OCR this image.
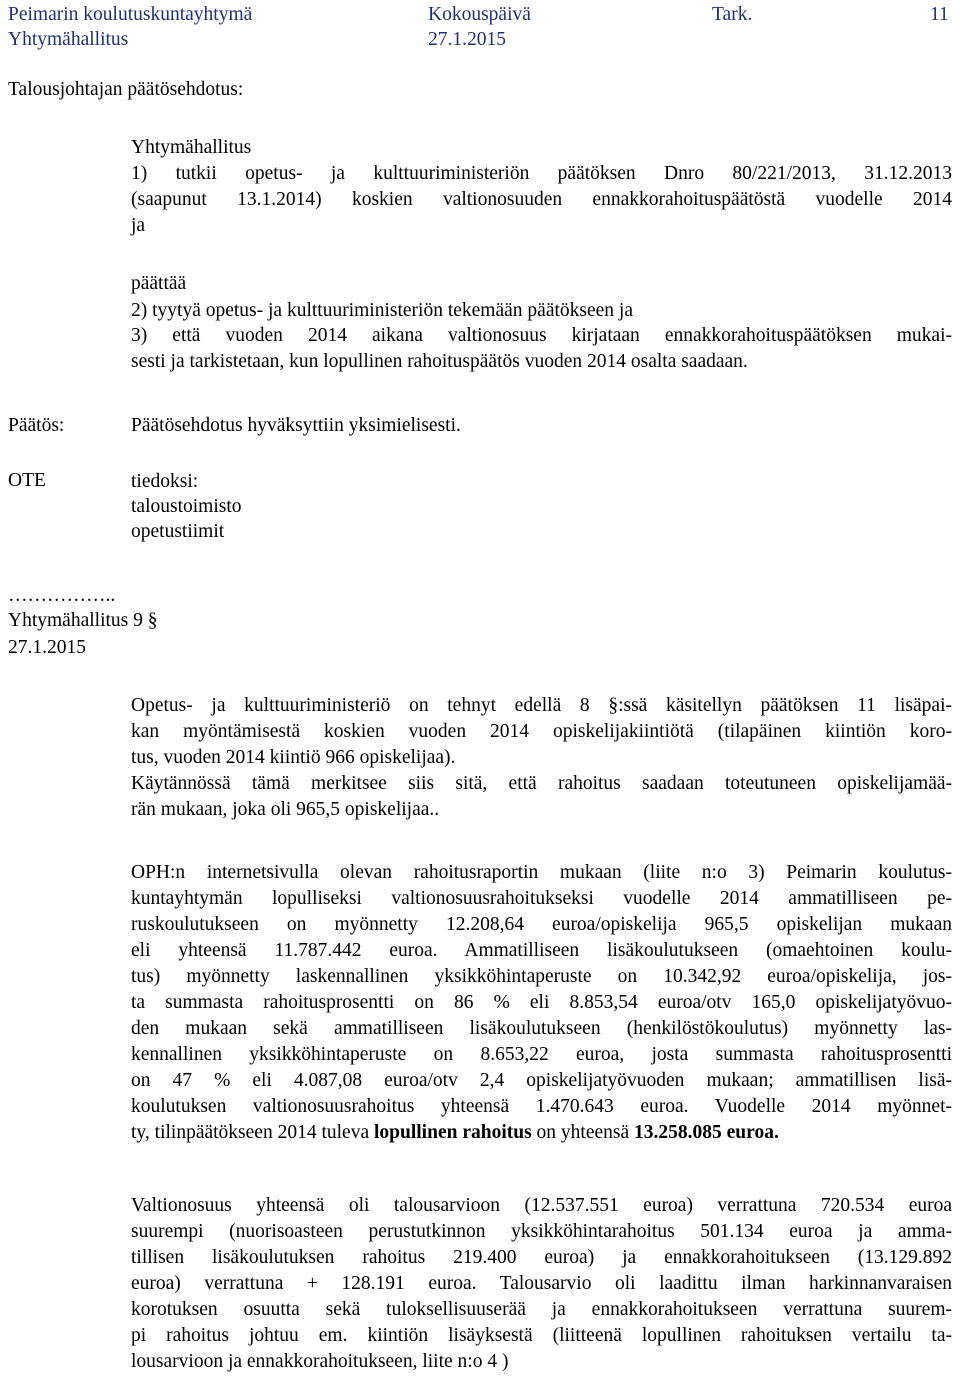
Peimarin koulutuskuntayhtymä	Kokouspäivä	Tark.	11
Yhtymähallitus	27.1.2015
Talousjohtajan päätösehdotus:
Yhtymähallitus
1) tutkii opetus- ja kulttuuriministeriön päätöksen Dnro 80/221/2013, 31.12.2013
(saapunut 13.1.2014) koskien valtionosuuden ennakkorahoituspäätöstä vuodelle 2014
ja
päättää
2) tyytyä opetus- ja kulttuuriministeriön tekemään päätökseen ja
3) että vuoden 2014 aikana valtionosuus kirjataan ennakkorahoituspäätöksen mukai-
sesti ja tarkistetaan, kun lopullinen rahoituspäätös vuoden 2014 osalta saadaan.
Päätös:	Päätösehdotus hyväksyttiin yksimielisesti.
OTE	tiedoksi:
taloustoimisto
opetustiimit
……………..
Yhtymähallitus 9 §
27.1.2015
Opetus- ja kulttuuriministeriö on tehnyt edellä 8 §:ssä käsitellyn päätöksen 11 lisäpai-
kan myöntämisestä koskien vuoden 2014 opiskelijakiintiötä (tilapäinen kiintiön koro-
tus, vuoden 2014 kiintiö 966 opiskelijaa).
Käytännössä tämä merkitsee siis sitä, että rahoitus saadaan toteutuneen opiskelijamää-
rän mukaan, joka oli 965,5 opiskelijaa..
OPH:n internetsivulla olevan rahoitusraportin mukaan (liite n:o 3) Peimarin koulutus-
kuntayhtymän lopulliseksi valtionosuusrahoitukseksi vuodelle 2014 ammatilliseen pe-
ruskoulutukseen on myönnetty 12.208,64 euroa/opiskelija 965,5 opiskelijan mukaan
eli yhteensä 11.787.442 euroa. Ammatilliseen lisäkoulutukseen (omaehtoinen koulu-
tus) myönnetty laskennallinen yksikköhintaperuste on 10.342,92 euroa/opiskelija, jos-
ta summasta rahoitusprosentti on 86 % eli 8.853,54 euroa/otv 165,0 opiskelijatyövuo-
den mukaan sekä ammatilliseen lisäkoulutukseen (henkilöstökoulutus) myönnetty las-
kennallinen yksikköhintaperuste on 8.653,22 euroa, josta summasta rahoitusprosentti
on 47 % eli 4.087,08 euroa/otv 2,4 opiskelijatyövuoden mukaan; ammatillisen lisä-
koulutuksen valtionosuusrahoitus yhteensä 1.470.643 euroa. Vuodelle 2014 myönnet-
ty, tilinpäätökseen 2014 tuleva lopullinen rahoitus on yhteensä 13.258.085 euroa.
Valtionosuus yhteensä oli talousarvioon (12.537.551 euroa) verrattuna 720.534 euroa
suurempi (nuorisoasteen perustutkinnon yksikköhintarahoitus 501.134 euroa ja amma-
tillisen lisäkoulutuksen rahoitus 219.400 euroa) ja ennakkorahoitukseen (13.129.892
euroa) verrattuna + 128.191 euroa. Talousarvio oli laadittu ilman harkinnanvaraisen
korotuksen osuutta sekä tuloksellisuuserää ja ennakkorahoitukseen verrattuna suurem-
pi rahoitus johtuu em. kiintiön lisäyksestä (liitteenä lopullinen rahoituksen vertailu ta-
lousarvioon ja ennakkorahoitukseen, liite n:o 4 )
